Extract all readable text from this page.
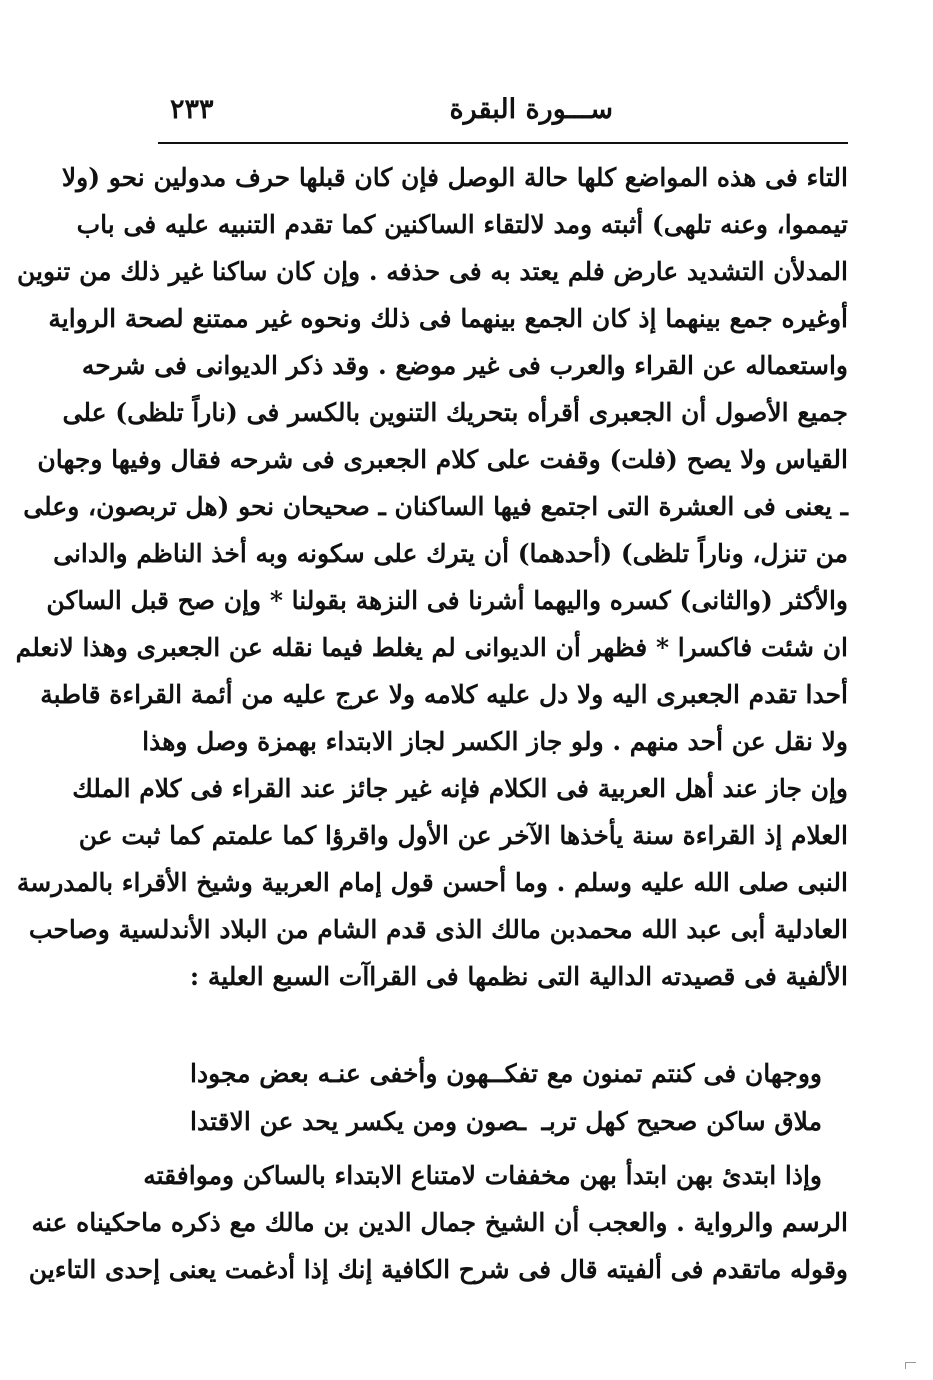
ســـورة البقرة
٢٣٣
التاء فى هذه المواضع كلها حالة الوصل فإن كان قبلها حرف مدولين نحو (ولا
تيمموا، وعنه تلهى) أثبته ومد لالتقاء الساكنين كما تقدم التنبيه عليه فى باب
المدلأن التشديد عارض فلم يعتد به فى حذفه . وإن كان ساكنا غير ذلك من تنوين
أوغيره جمع بينهما إذ كان الجمع بينهما فى ذلك ونحوه غير ممتنع لصحة الرواية
واستعماله عن القراء والعرب فى غير موضع . وقد ذكر الديوانى فى شرحه
جميع الأصول أن الجعبرى أقرأه بتحريك التنوين بالكسر فى (ناراً تلظى) على
القياس ولا يصح (فلت) وقفت على كلام الجعبرى فى شرحه فقال وفيها وجهان
ـ يعنى فى العشرة التى اجتمع فيها الساكنان ـ صحيحان نحو (هل تربصون، وعلى
من تنزل، وناراً تلظى) (أحدهما) أن يترك على سكونه وبه أخذ الناظم والدانى
والأكثر (والثانى) كسره واليهما أشرنا فى النزهة بقولنا * وإن صح قبل الساكن
ان شئت فاكسرا * فظهر أن الديوانى لم يغلط فيما نقله عن الجعبرى وهذا لانعلم
أحدا تقدم الجعبرى اليه ولا دل عليه كلامه ولا عرج عليه من أئمة القراءة قاطبة
ولا نقل عن أحد منهم . ولو جاز الكسر لجاز الابتداء بهمزة وصل وهذا
وإن جاز عند أهل العربية فى الكلام فإنه غير جائز عند القراء فى كلام الملك
العلام إذ القراءة سنة يأخذها الآخر عن الأول واقرؤا كما علمتم كما ثبت عن
النبى صلى الله عليه وسلم . وما أحسن قول إمام العربية وشيخ الأقراء بالمدرسة
العادلية أبى عبد الله محمدبن مالك الذى قدم الشام من البلاد الأندلسية وصاحب
الألفية فى قصيدته الدالية التى نظمها فى القراآت السبع العلية :
ووجهان فى كنتم تمنون مع تفكـ
ـهون وأخفى عنـه بعض مجودا
ملاق ساكن صحيح كهل تربـ
ـصون ومن يكسر يحد عن الاقتدا
وإذا ابتدئ بهن ابتدأ بهن مخففات لامتناع الابتداء بالساكن وموافقته
الرسم والرواية . والعجب أن الشيخ جمال الدين بن مالك مع ذكره ماحكيناه عنه
وقوله ماتقدم فى ألفيته قال فى شرح الكافية إنك إذا أدغمت يعنى إحدى التاءين
